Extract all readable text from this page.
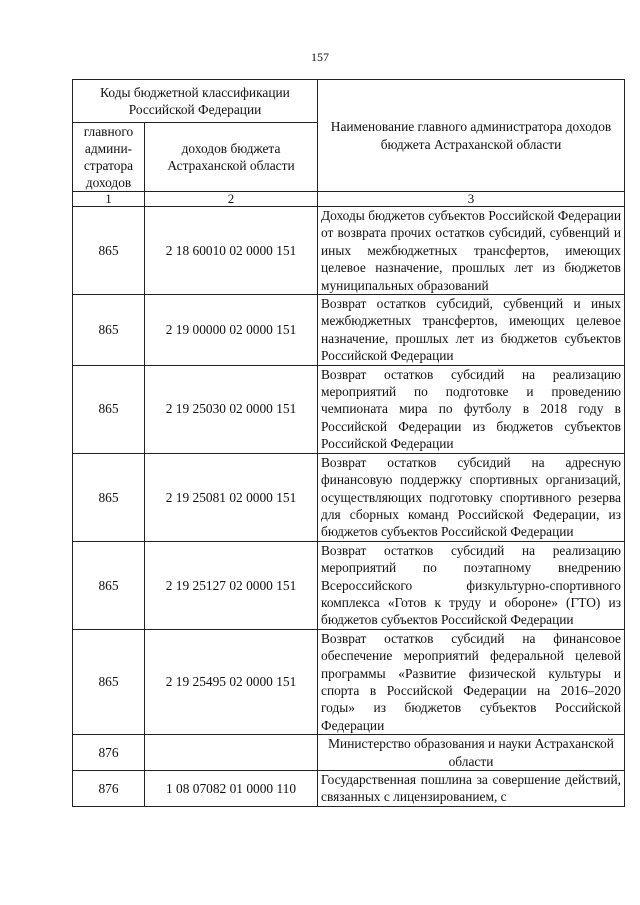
157
Коды бюджетной классификации Российской Федерации		Наименование главного администратора доходов бюджета Астраханской области
главного админи-стратора доходов	доходов бюджета Астраханской области	
1	2	3
865	2 18 60010 02 0000 151	Доходы бюджетов субъектов Российской Федерации от возврата прочих остатков субсидий, субвенций и иных межбюджетных трансфертов, имеющих целевое назначение, прошлых лет из бюджетов муниципальных образований
865	2 19 00000 02 0000 151	Возврат остатков субсидий, субвенций и иных межбюджетных трансфертов, имеющих целевое назначение, прошлых лет из бюджетов субъектов Российской Федерации
865	2 19 25030 02 0000 151	Возврат остатков субсидий на реализацию мероприятий по подготовке и проведению чемпионата мира по футболу в 2018 году в Российской Федерации из бюджетов субъектов Российской Федерации
865	2 19 25081 02 0000 151	Возврат остатков субсидий на адресную финансовую поддержку спортивных организаций, осуществляющих подготовку спортивного резерва для сборных команд Российской Федерации, из бюджетов субъектов Российской Федерации
865	2 19 25127 02 0000 151	Возврат остатков субсидий на реализацию мероприятий по поэтапному внедрению Всероссийского физкультурно-спортивного комплекса «Готов к труду и обороне» (ГТО) из бюджетов субъектов Российской Федерации
865	2 19 25495 02 0000 151	Возврат остатков субсидий на финансовое обеспечение мероприятий федеральной целевой программы «Развитие физической культуры и спорта в Российской Федерации на 2016–2020 годы» из бюджетов субъектов Российской Федерации
876		Министерство образования и науки Астраханской области
876	1 08 07082 01 0000 110	Государственная пошлина за совершение действий, связанных с лицензированием, с
